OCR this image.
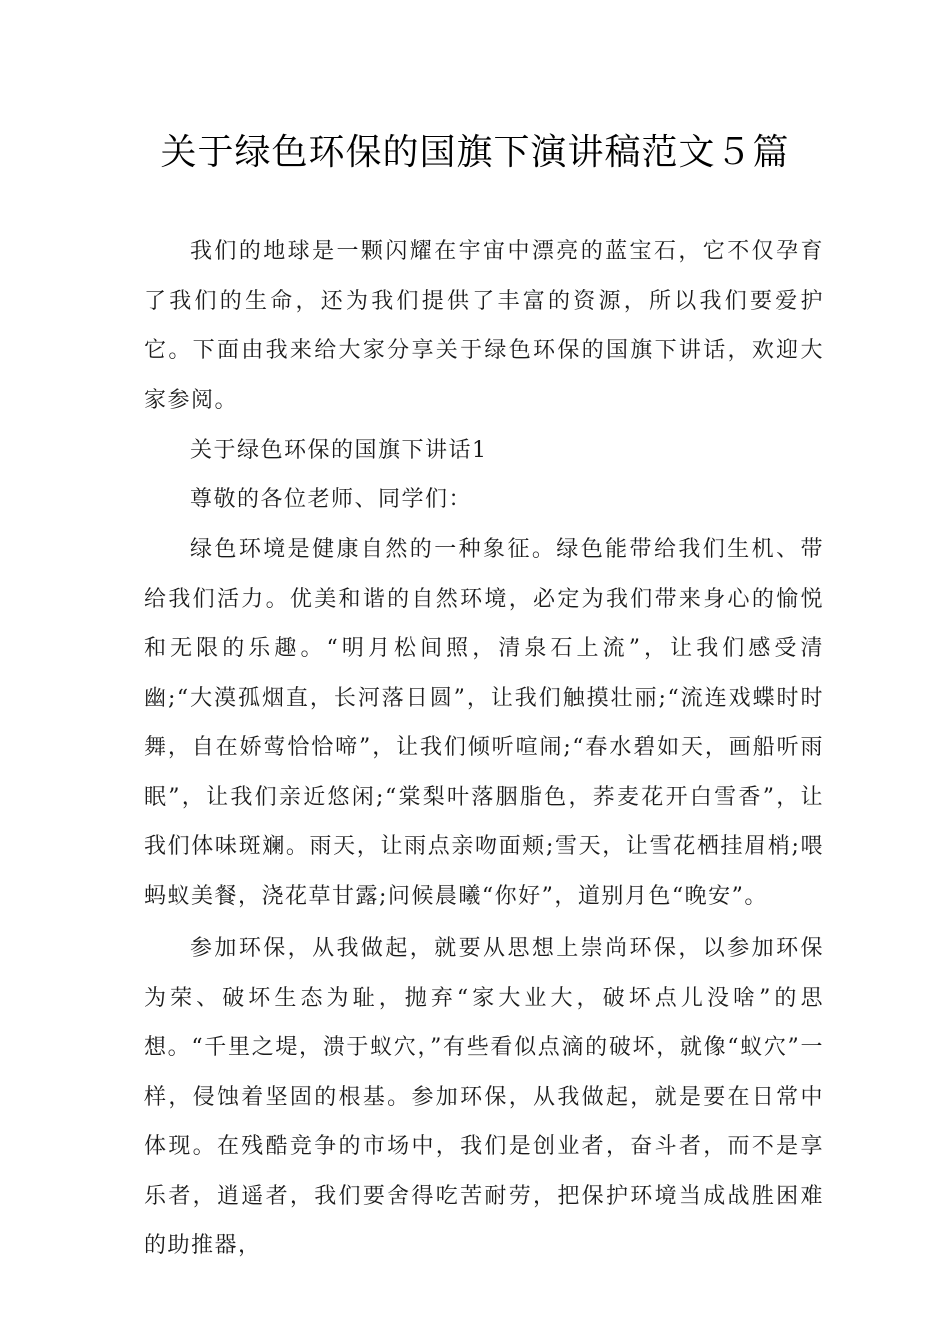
关于绿色环保的国旗下演讲稿范文５篇

我们的地球是一颗闪耀在宇宙中漂亮的蓝宝石，它不仅孕育了我们的生命，还为我们提供了丰富的资源，所以我们要爱护它。下面由我来给大家分享关于绿色环保的国旗下讲话，欢迎大家参阅。

关于绿色环保的国旗下讲话1

尊敬的各位老师、同学们：

绿色环境是健康自然的一种象征。绿色能带给我们生机、带给我们活力。优美和谐的自然环境，必定为我们带来身心的愉悦和无限的乐趣。“明月松间照，清泉石上流”，让我们感受清幽;“大漠孤烟直，长河落日圆”，让我们触摸壮丽;“流连戏蝶时时舞，自在娇莺恰恰啼”，让我们倾听喧闹;“春水碧如天，画船听雨眠”，让我们亲近悠闲;“棠梨叶落胭脂色，荞麦花开白雪香”，让我们体味斑斓。雨天，让雨点亲吻面颊;雪天，让雪花栖挂眉梢;喂蚂蚁美餐，浇花草甘露;问候晨曦“你好”，道别月色“晚安”。

参加环保，从我做起，就要从思想上崇尚环保，以参加环保为荣、破坏生态为耻，抛弃“家大业大，破坏点儿没啥”的思想。“千里之堤，溃于蚁穴，”有些看似点滴的破坏，就像“蚁穴”一样，侵蚀着坚固的根基。参加环保，从我做起，就是要在日常中体现。在残酷竞争的市场中，我们是创业者，奋斗者，而不是享乐者，逍遥者，我们要舍得吃苦耐劳，把保护环境当成战胜困难的助推器，
